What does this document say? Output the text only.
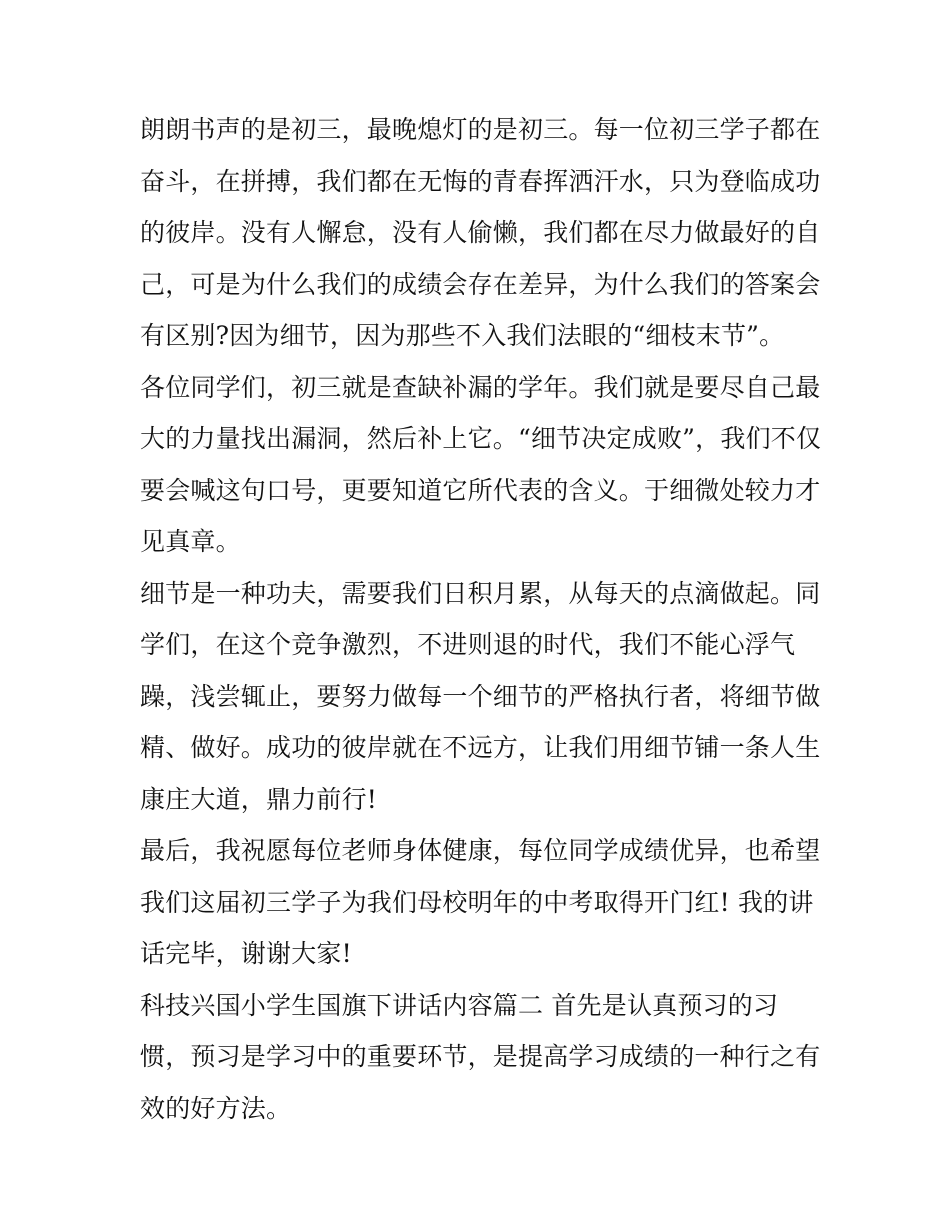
朗朗书声的是初三，最晚熄灯的是初三。每一位初三学子都在
奋斗，在拼搏，我们都在无悔的青春挥洒汗水，只为登临成功
的彼岸。没有人懈怠，没有人偷懒，我们都在尽力做最好的自
己，可是为什么我们的成绩会存在差异，为什么我们的答案会
有区别?因为细节，因为那些不入我们法眼的“细枝末节”。
各位同学们，初三就是查缺补漏的学年。我们就是要尽自己最
大的力量找出漏洞，然后补上它。“细节决定成败”，我们不仅
要会喊这句口号，更要知道它所代表的含义。于细微处较力才
见真章。
细节是一种功夫，需要我们日积月累，从每天的点滴做起。同
学们，在这个竞争激烈，不进则退的时代，我们不能心浮气
躁，浅尝辄止，要努力做每一个细节的严格执行者，将细节做
精、做好。成功的彼岸就在不远方，让我们用细节铺一条人生
康庄大道，鼎力前行!
最后，我祝愿每位老师身体健康，每位同学成绩优异，也希望
我们这届初三学子为我们母校明年的中考取得开门红! 我的讲
话完毕，谢谢大家!
科技兴国小学生国旗下讲话内容篇二 首先是认真预习的习
惯，预习是学习中的重要环节，是提高学习成绩的一种行之有
效的好方法。
